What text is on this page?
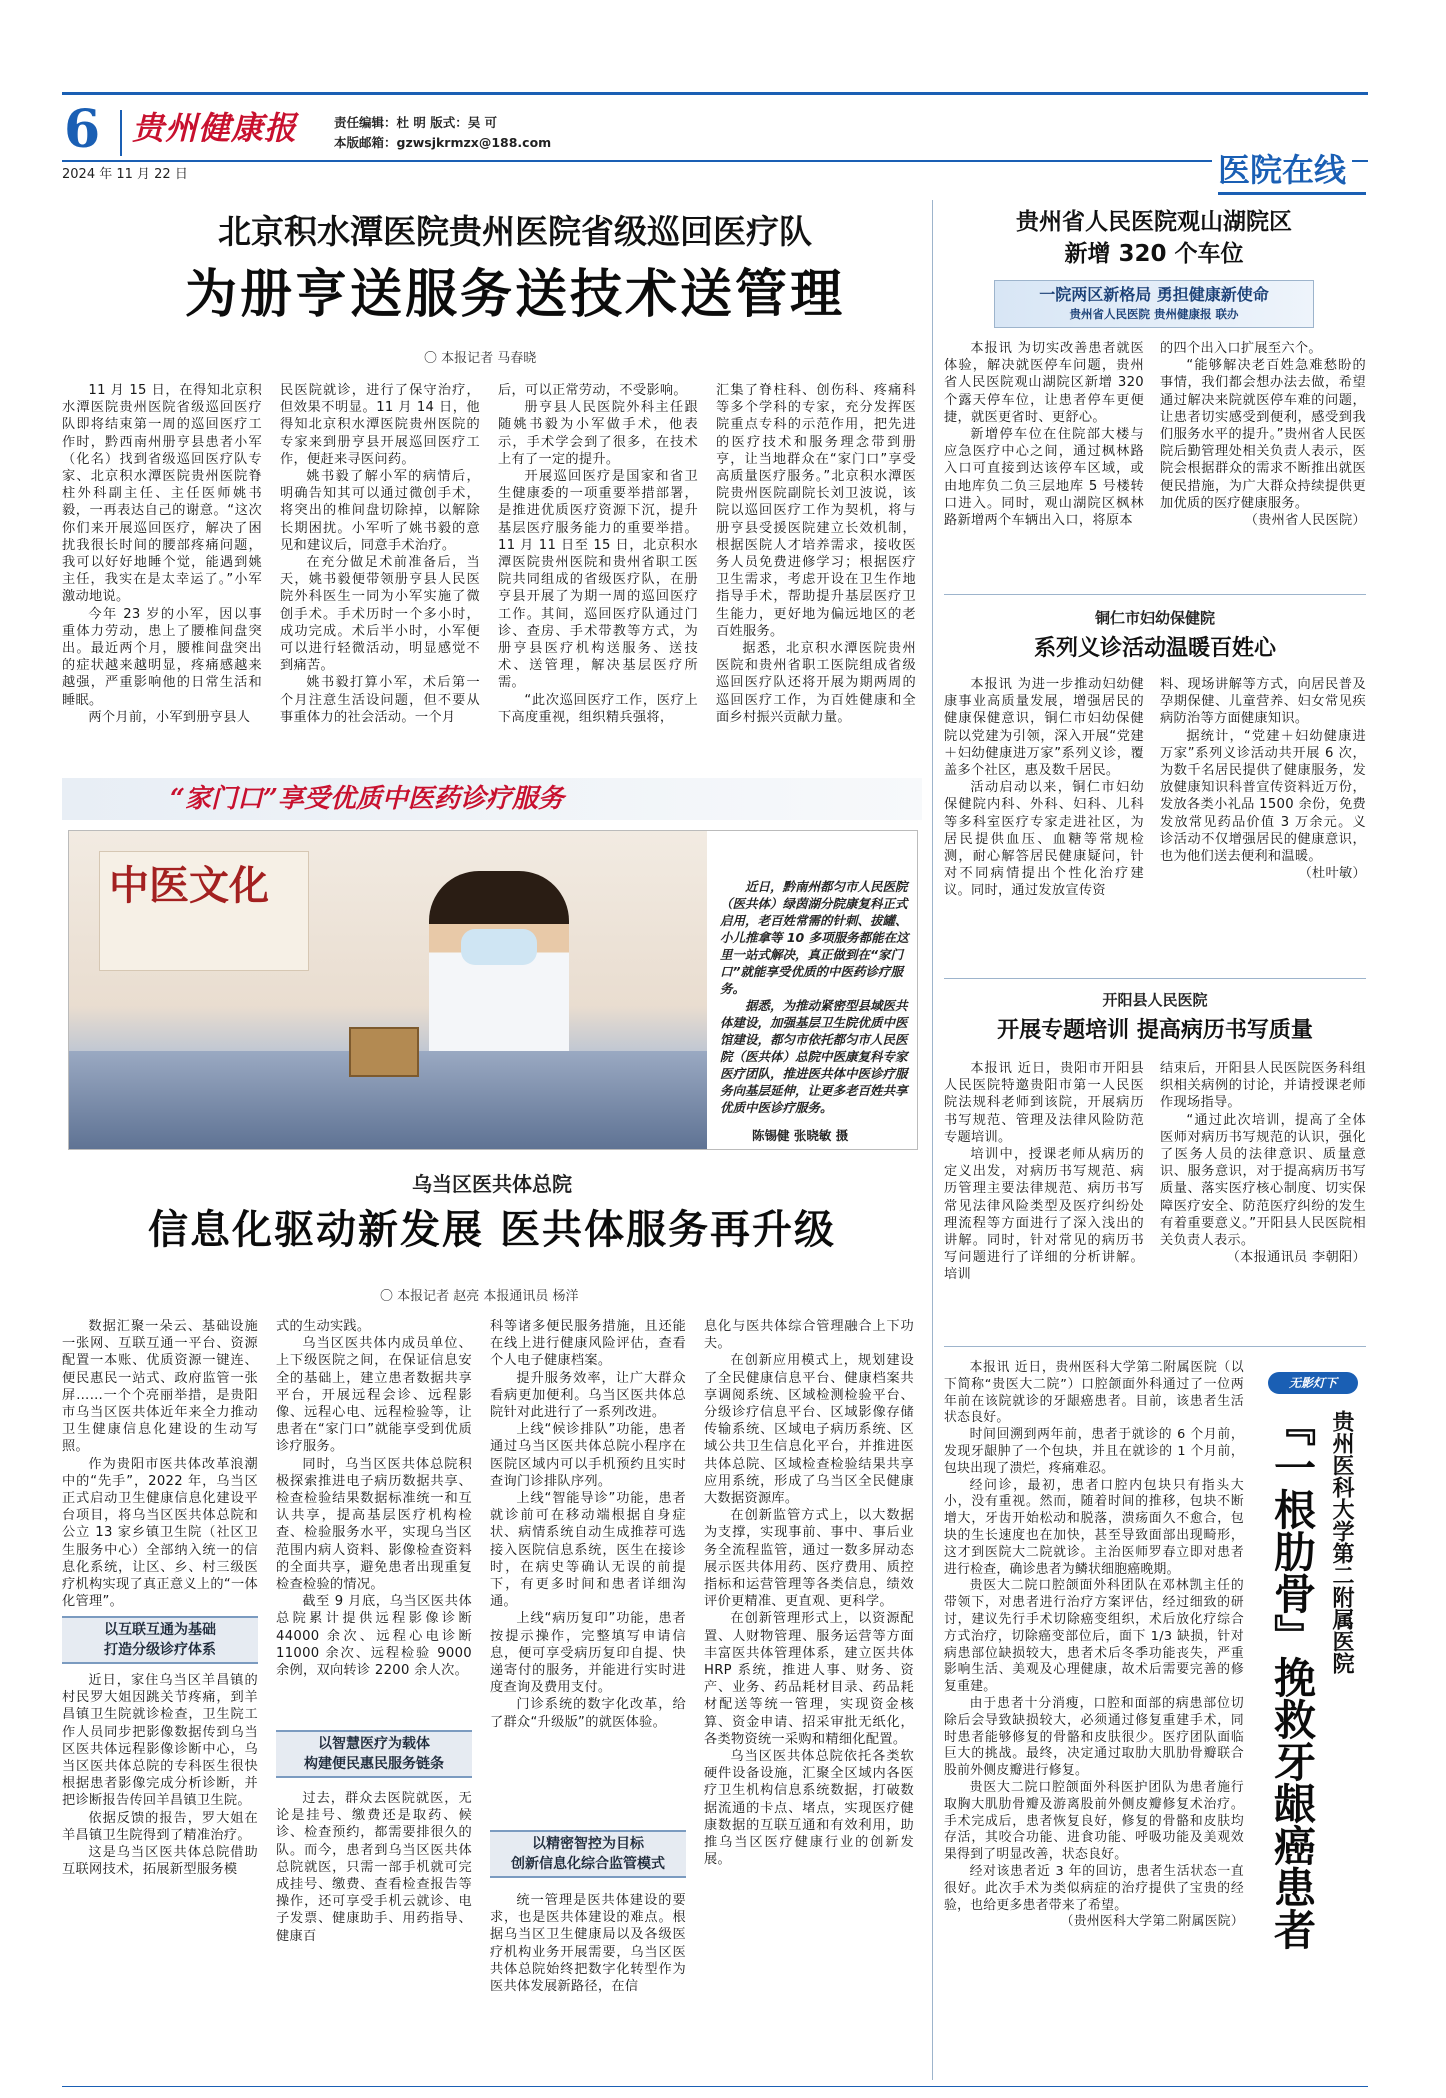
6 贵州健康报	责任编辑：杜 明 版式：吴 可
本版邮箱：gzwsjkrmzx@188.com
2024 年 11 月 22 日	医院在线
北京积水潭医院贵州医院省级巡回医疗队
为册亨送服务送技术送管理
〇 本报记者 马春晓

11 月 15 日，在得知北京积水潭医院贵州医院省级巡回医疗队即将结束第一周的巡回医疗工作时，黔西南州册亨县患者小军（化名）找到省级巡回医疗队专家、北京积水潭医院贵州医院脊柱外科副主任、主任医师姚书毅，一再表达自己的谢意。“这次你们来开展巡回医疗，解决了困扰我很长时间的腰部疼痛问题，我可以好好地睡个觉，能遇到姚主任，我实在是太幸运了。”小军激动地说。

今年 23 岁的小军，因以事重体力劳动，患上了腰椎间盘突出。最近两个月，腰椎间盘突出的症状越来越明显，疼痛感越来越强，严重影响他的日常生活和睡眠。

两个月前，小军到册亨县人

民医院就诊，进行了保守治疗，但效果不明显。11 月 14 日，他得知北京积水潭医院贵州医院的专家来到册亨县开展巡回医疗工作，便赶来寻医问药。

姚书毅了解小军的病情后，明确告知其可以通过微创手术，将突出的椎间盘切除掉，以解除长期困扰。小军听了姚书毅的意见和建议后，同意手术治疗。

在充分做足术前准备后，当天，姚书毅便带领册亨县人民医院外科医生一同为小军实施了微创手术。手术历时一个多小时，成功完成。术后半小时，小军便可以进行轻微活动，明显感觉不到痛苦。

姚书毅打算小军，术后第一个月注意生活设问题，但不要从事重体力的社会活动。一个月

后，可以正常劳动，不受影响。

册亨县人民医院外科主任跟随姚书毅为小军做手术，他表示，手术学会到了很多，在技术上有了一定的提升。

开展巡回医疗是国家和省卫生健康委的一项重要举措部署，是推进优质医疗资源下沉，提升基层医疗服务能力的重要举措。11 月 11 日至 15 日，北京积水潭医院贵州医院和贵州省职工医院共同组成的省级医疗队，在册亨县开展了为期一周的巡回医疗工作。其间，巡回医疗队通过门诊、查房、手术带教等方式，为册亨县医疗机构送服务、送技术、送管理，解决基层医疗所需。

“此次巡回医疗工作，医疗上下高度重视，组织精兵强将，

汇集了脊柱科、创伤科、疼痛科等多个学科的专家，充分发挥医院重点专科的示范作用，把先进的医疗技术和服务理念带到册亨，让当地群众在“家门口”享受高质量医疗服务。”北京积水潭医院贵州医院副院长刘卫波说，该院以巡回医疗工作为契机，将与册亨县受援医院建立长效机制，根据医院人才培养需求，接收医务人员免费进修学习；根据医疗卫生需求，考虑开设在卫生作地指导手术，帮助提升基层医疗卫生能力，更好地为偏远地区的老百姓服务。

据悉，北京积水潭医院贵州医院和贵州省职工医院组成省级巡回医疗队还将开展为期两周的巡回医疗工作，为百姓健康和全面乡村振兴贡献力量。

“家门口”享受优质中医药诊疗服务
中医文化	近日，黔南州都匀市人民医院（医共体）绿茵湖分院康复科正式启用，老百姓常需的针刺、拔罐、小儿推拿等 10 多项服务都能在这里一站式解决，真正做到在“家门口”就能享受优质的中医药诊疗服务。

据悉，为推动紧密型县域医共体建设，加强基层卫生院优质中医馆建设，都匀市依托都匀市人民医院（医共体）总院中医康复科专家医疗团队，推进医共体中医诊疗服务向基层延伸，让更多老百姓共享优质中医诊疗服务。

陈锡健 张晓敏 摄
乌当区医共体总院
信息化驱动新发展 医共体服务再升级
〇 本报记者 赵亮 本报通讯员 杨洋

数据汇聚一朵云、基础设施一张网、互联互通一平台、资源配置一本账、优质资源一键连、便民惠民一站式、政府监管一张屏……一个个亮丽举措，是贵阳市乌当区医共体近年来全力推动卫生健康信息化建设的生动写照。

作为贵阳市医共体改革浪潮中的“先手”，2022 年，乌当区正式启动卫生健康信息化建设平台项目，将乌当区医共体总院和公立 13 家乡镇卫生院（社区卫生服务中心）全部纳入统一的信息化系统，让区、乡、村三级医疗机构实现了真正意义上的“一体化管理”。

以互联互通为基础
打造分级诊疗体系

近日，家住乌当区羊昌镇的村民罗大姐因跳关节疼痛，到羊昌镇卫生院就诊检查，卫生院工作人员同步把影像数据传到乌当区医共体远程影像诊断中心，乌当区医共体总院的专科医生很快根据患者影像完成分析诊断，并把诊断报告传回羊昌镇卫生院。

依据反馈的报告，罗大姐在羊昌镇卫生院得到了精准治疗。

这是乌当区医共体总院借助互联网技术，拓展新型服务模

式的生动实践。

乌当区医共体内成员单位、上下级医院之间，在保证信息安全的基础上，建立患者数据共享平台，开展远程会诊、远程影像、远程心电、远程检验等，让患者在“家门口”就能享受到优质诊疗服务。

同时，乌当区医共体总院积极探索推进电子病历数据共享、检查检验结果数据标准统一和互认共享，提高基层医疗机构检查、检验服务水平，实现乌当区范围内病人资料、影像检查资料的全面共享，避免患者出现重复检查检验的情况。

截至 9 月底，乌当区医共体总院累计提供远程影像诊断 44000 余次、远程心电诊断 11000 余次、远程检验 9000 余例，双向转诊 2200 余人次。

以智慧医疗为载体
构建便民惠民服务链条

过去，群众去医院就医，无论是挂号、缴费还是取药、候诊、检查预约，都需要排很久的队。而今，患者到乌当区医共体总院就医，只需一部手机就可完成挂号、缴费、查看检查报告等操作，还可享受手机云就诊、电子发票、健康助手、用药指导、健康百

科等诸多便民服务措施，且还能在线上进行健康风险评估，查看个人电子健康档案。

提升服务效率，让广大群众看病更加便利。乌当区医共体总院针对此进行了一系列改进。

上线“候诊排队”功能，患者通过乌当区医共体总院小程序在医院区域内可以手机预约且实时查询门诊排队序列。

上线“智能导诊”功能，患者就诊前可在移动端根据自身症状、病情系统自动生成推荐可选接入医院信息系统，医生在接诊时，在病史等确认无误的前提下，有更多时间和患者详细沟通。

上线“病历复印”功能，患者按提示操作，完整填写申请信息，便可享受病历复印自提、快递寄付的服务，并能进行实时进度查询及费用支付。

门诊系统的数字化改革，给了群众“升级版”的就医体验。

以精密智控为目标
创新信息化综合监管模式

统一管理是医共体建设的要求，也是医共体建设的难点。根据乌当区卫生健康局以及各级医疗机构业务开展需要，乌当区医共体总院始终把数字化转型作为医共体发展新路径，在信

息化与医共体综合管理融合上下功夫。

在创新应用模式上，规划建设了全民健康信息平台、健康档案共享调阅系统、区域检测检验平台、分级诊疗信息平台、区域影像存储传输系统、区域电子病历系统、区域公共卫生信息化平台，并推进医共体总院、区域检查检验结果共享应用系统，形成了乌当区全民健康大数据资源库。

在创新监管方式上，以大数据为支撑，实现事前、事中、事后业务全流程监管，通过一数多屏动态展示医共体用药、医疗费用、质控指标和运营管理等各类信息，绩效评价更精准、更直观、更科学。

在创新管理形式上，以资源配置、人财物管理、服务运营等方面丰富医共体管理体系，建立医共体 HRP 系统，推进人事、财务、资产、业务、药品耗材目录、药品耗材配送等统一管理，实现资金核算、资金申请、招采审批无纸化，各类物资统一采购和精细化配置。

乌当区医共体总院依托各类软硬件设备设施，汇聚全区域内各医疗卫生机构信息系统数据，打破数据流通的卡点、堵点，实现医疗健康数据的互联互通和有效利用，助推乌当区医疗健康行业的创新发展。

贵州省人民医院观山湖院区
新增 320 个车位
一院两区新格局 勇担健康新使命
贵州省人民医院 贵州健康报 联办

本报讯 为切实改善患者就医体验，解决就医停车问题，贵州省人民医院观山湖院区新增 320 个露天停车位，让患者停车更便捷，就医更省时、更舒心。

新增停车位在住院部大楼与应急医疗中心之间，通过枫林路入口可直接到达该停车区域，或由地库负二负三层地库 5 号楼转口进入。同时，观山湖院区枫林路新增两个车辆出入口，将原本

的四个出入口扩展至六个。

“能够解决老百姓急难愁盼的事情，我们都会想办法去做，希望通过解决来院就医停车难的问题，让患者切实感受到便利，感受到我们服务水平的提升。”贵州省人民医院后勤管理处相关负责人表示，医院会根据群众的需求不断推出就医便民措施，为广大群众持续提供更加优质的医疗健康服务。

（贵州省人民医院）

铜仁市妇幼保健院
系列义诊活动温暖百姓心

本报讯 为进一步推动妇幼健康事业高质量发展，增强居民的健康保健意识，铜仁市妇幼保健院以党建为引领，深入开展“党建＋妇幼健康进万家”系列义诊，覆盖多个社区，惠及数千居民。

活动启动以来，铜仁市妇幼保健院内科、外科、妇科、儿科等多科室医疗专家走进社区，为居民提供血压、血糖等常规检测，耐心解答居民健康疑问，针对不同病情提出个性化治疗建议。同时，通过发放宣传资

料、现场讲解等方式，向居民普及孕期保健、儿童营养、妇女常见疾病防治等方面健康知识。

据统计，“党建＋妇幼健康进万家”系列义诊活动共开展 6 次，为数千名居民提供了健康服务，发放健康知识科普宣传资料近万份，发放各类小礼品 1500 余份，免费发放常见药品价值 3 万余元。义诊活动不仅增强居民的健康意识，也为他们送去便利和温暖。

（杜叶敏）

开阳县人民医院
开展专题培训 提高病历书写质量

本报讯 近日，贵阳市开阳县人民医院特邀贵阳市第一人民医院法规科老师到该院，开展病历书写规范、管理及法律风险防范专题培训。

培训中，授课老师从病历的定义出发，对病历书写规范、病历管理主要法律规范、病历书写常见法律风险类型及医疗纠纷处理流程等方面进行了深入浅出的讲解。同时，针对常见的病历书写问题进行了详细的分析讲解。培训

结束后，开阳县人民医院医务科组织相关病例的讨论，并请授课老师作现场指导。

“通过此次培训，提高了全体医师对病历书写规范的认识，强化了医务人员的法律意识、质量意识、服务意识，对于提高病历书写质量、落实医疗核心制度、切实保障医疗安全、防范医疗纠纷的发生有着重要意义。”开阳县人民医院相关负责人表示。

（本报通讯员 李朝阳）

本报讯 近日，贵州医科大学第二附属医院（以下简称“贵医大二院”）口腔颌面外科通过了一位两年前在该院就诊的牙龈癌患者。目前，该患者生活状态良好。

时间回溯到两年前，患者于就诊的 6 个月前，发现牙龈肿了一个包块，并且在就诊的 1 个月前，包块出现了溃烂，疼痛难忍。

经问诊，最初，患者口腔内包块只有指头大小，没有重视。然而，随着时间的推移，包块不断增大，牙齿开始松动和脱落，溃疡面久不愈合，包块的生长速度也在加快，甚至导致面部出现畸形，这才到医院大二院就诊。主治医师罗春立即对患者进行检查，确诊患者为鳞状细胞癌晚期。

贵医大二院口腔颌面外科团队在邓林凯主任的带领下，对患者进行治疗方案评估，经过细致的研讨，建议先行手术切除癌变组织，术后放化疗综合方式治疗，切除癌变部位后，面下 1/3 缺损，针对病患部位缺损较大，患者术后冬季功能丧失，严重影响生活、美观及心理健康，故术后需要完善的修复重建。

由于患者十分消瘦，口腔和面部的病患部位切除后会导致缺损较大，必须通过修复重建手术，同时患者能够修复的骨骼和皮肤很少。医疗团队面临巨大的挑战。最终，决定通过取肋大肌肋骨瓣联合股前外侧皮瓣进行修复。

贵医大二院口腔颌面外科医护团队为患者施行取胸大肌肋骨瓣及游离股前外侧皮瓣修复术治疗。手术完成后，患者恢复良好，修复的骨骼和皮肤均存活，其咬合功能、进食功能、呼吸功能及美观效果得到了明显改善，状态良好。

经对该患者近 3 年的回访，患者生活状态一直很好。此次手术为类似病症的治疗提供了宝贵的经验，也给更多患者带来了希望。

（贵州医科大学第二附属医院）

无影灯下
贵州医科大学第二附属医院
『一根肋骨』挽救牙龈癌患者
